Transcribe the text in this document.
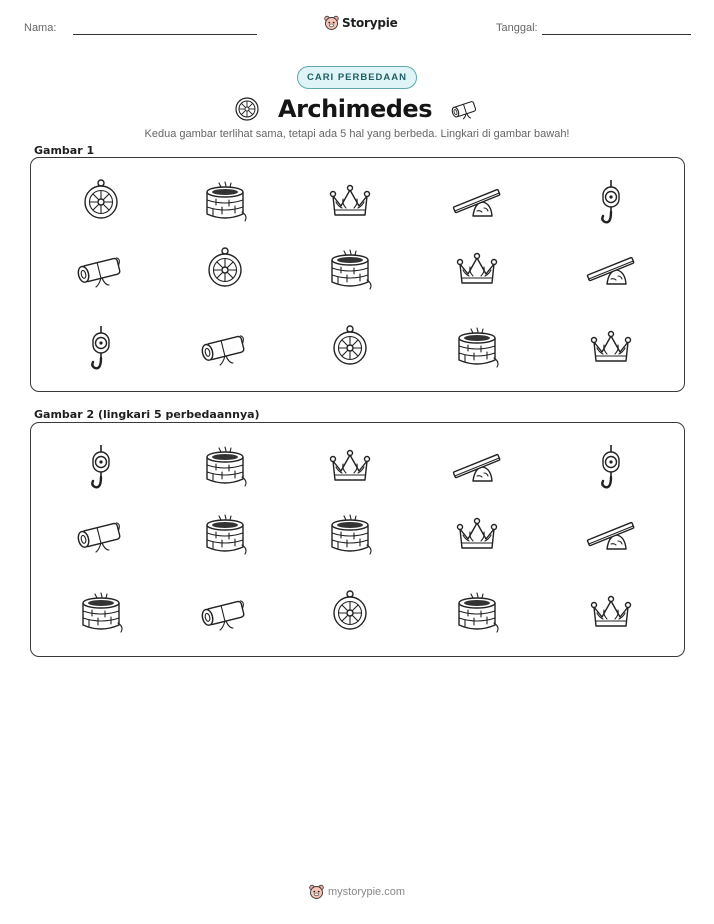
Nama:	Storypie	Tanggal:
CARI PERBEDAAN
Archimedes
Kedua gambar terlihat sama, tetapi ada 5 hal yang berbeda. Lingkari di gambar bawah!
Gambar 1
Gambar 2 (lingkari 5 perbedaannya)
mystorypie.com
